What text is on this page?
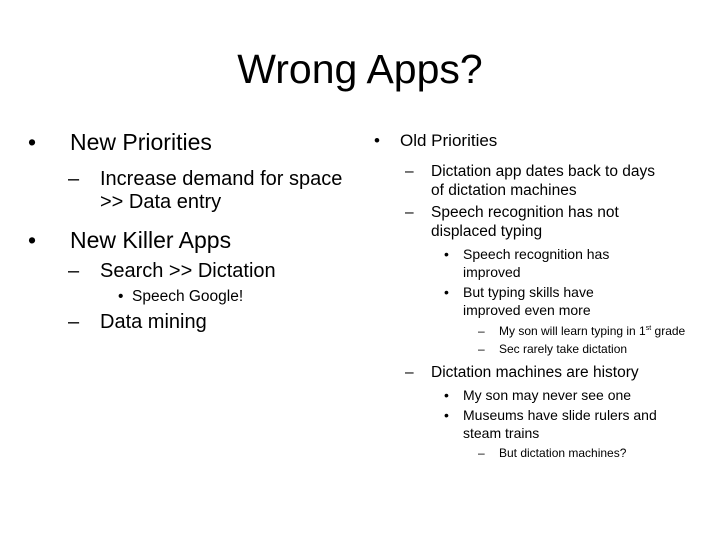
Wrong Apps?
• New Priorities
– Increase demand for space >> Data entry
• New Killer Apps
– Search >> Dictation
• Speech Google!
– Data mining
• Old Priorities
– Dictation app dates back to days of dictation machines
– Speech recognition has not displaced typing
• Speech recognition has improved
• But typing skills have improved even more
– My son will learn typing in 1st grade
– Sec rarely take dictation
– Dictation machines are history
• My son may never see one
• Museums have slide rulers and steam trains
– But dictation machines?
